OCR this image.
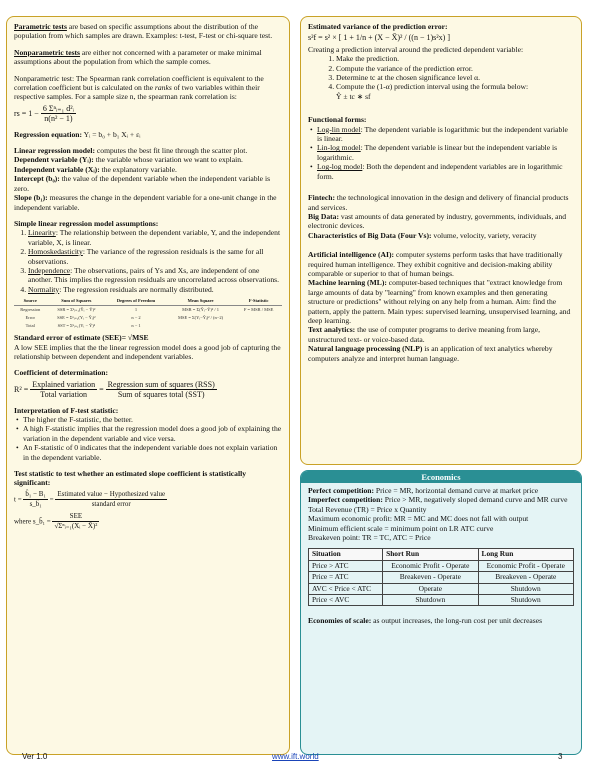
Parametric tests are based on specific assumptions about the distribution of the population from which samples are drawn. Examples: t-test, F-test or chi-square test.

Nonparametric tests are either not concerned with a parameter or make minimal assumptions about the population from which the sample comes.

Nonparametric test: The Spearman rank correlation coefficient is equivalent to the correlation coefficient but is calculated on the ranks of two variables within their respective samples. For a sample size n, the spearman rank correlation is:

rs = 1 −
6 Σⁿᵢ₌₁ d²ᵢ
n(n² − 1)

Regression equation: Yᵢ = b₀ + b₁ Xᵢ + εᵢ

Linear regression model: computes the best fit line through the scatter plot.

Dependent variable (Yᵢ): the variable whose variation we want to explain.

Independent variable (Xᵢ): the explanatory variable.

Intercept (b₀): the value of the dependent variable when the independent variable is zero.

Slope (b₁): measures the change in the dependent variable for a one-unit change in the independent variable.

Simple linear regression model assumptions:

1. Linearity: The relationship between the dependent variable, Y, and the independent variable, X, is linear.
2. Homoskedasticity: The variance of the regression residuals is the same for all observations.
3. Independence: The observations, pairs of Ys and Xs, are independent of one another. This implies the regression residuals are uncorrelated across observations.
4. Normality: The regression residuals are normally distributed.
Source	Sum of Squares	Degrees of Freedom	Mean Square	F-Statistic
Regression	SSR = Σⁿᵢ₌₁(Ŷᵢ − Ȳ)²	1	MSR = Σ(Ŷᵢ−Ȳ)² / 1	F = MSR / MSE
Error	SSE = Σⁿᵢ₌₁(Yᵢ − Ŷᵢ)²	n − 2	MSE = Σ(Yᵢ−Ŷᵢ)² / (n−2)	
Total	SST = Σⁿᵢ₌₁(Yᵢ − Ȳ)²	n − 1		

Standard error of estimate (SEE)= √MSE

A low SEE implies that the the linear regression model does a good job of capturing the relationship between dependent and independent variables.

Coefficient of determination:

R² =
Explained variation
Total variation
=
Regression sum of squares (RSS)
Sum of squares total (SST)

Interpretation of F-test statistic:

• The higher the F-statistic, the better.
• A high F-statistic implies that the regression model does a good job of explaining the variation in the dependent variable and vice versa.
• An F-statistic of 0 indicates that the independent variable does not explain variation in the dependent variable.

Test statistic to test whether an estimated slope coefficient is statistically significant:

$t = \frac{\text{b̂₁ − B₁}}{\text{s\_b̂₁}}$ =
Estimated value − Hypothesized value
standard error
where s_b̂₁ =
SEE
√Σⁿᵢ₌₁(Xᵢ − X̄)²

Estimated variance of the prediction error:

s²f = s² × [ 1 + 1/n + (X − X̄)² / ((n − 1)s²x) ]

Creating a prediction interval around the predicted dependent variable:

1. Make the prediction.
2. Compute the variance of the prediction error.
3. Determine tc at the chosen significance level α.
4. Compute the (1-α) prediction interval using the formula below:

Ŷ ± tc ∗ sf

Functional forms:

• Log-lin model: The dependent variable is logarithmic but the independent variable is linear.
• Lin-log model: The dependent variable is linear but the independent variable is logarithmic.
• Log-log model: Both the dependent and independent variables are in logarithmic form.

Fintech: the technological innovation in the design and delivery of financial products and services.

Big Data: vast amounts of data generated by industry, governments, individuals, and electronic devices.

Characteristics of Big Data (Four Vs): volume, velocity, variety, veracity

Artificial intelligence (AI): computer systems perform tasks that have traditionally required human intelligence. They exhibit cognitive and decision-making ability comparable or superior to that of human beings.

Machine learning (ML): computer-based techniques that "extract knowledge from large amounts of data by "learning" from known examples and then generating structure or predictions" without relying on any help from a human. Aim: find the pattern, apply the pattern. Main types: supervised learning, unsupervised learning, and deep learning.

Text analytics: the use of computer programs to derive meaning from large, unstructured text- or voice-based data.

Natural language processing (NLP) is an application of text analytics whereby computers analyze and interpret human language.

Economics

Perfect competition: Price = MR, horizontal demand curve at market price

Imperfect competition: Price > MR, negatively sloped demand curve and MR curve

Total Revenue (TR) = Price x Quantity

Maximum economic profit: MR = MC and MC does not fall with output

Minimum efficient scale = minimum point on LR ATC curve

Breakeven point: TR = TC, ATC = Price

Situation	Short Run	Long Run
Price > ATC	Economic Profit - Operate	Economic Profit - Operate
Price = ATC	Breakeven - Operate	Breakeven - Operate
AVC < Price < ATC	Operate	Shutdown
Price < AVC	Shutdown	Shutdown

Economies of scale: as output increases, the long-run cost per unit decreases

Ver 1.0	www.ift.world	3
